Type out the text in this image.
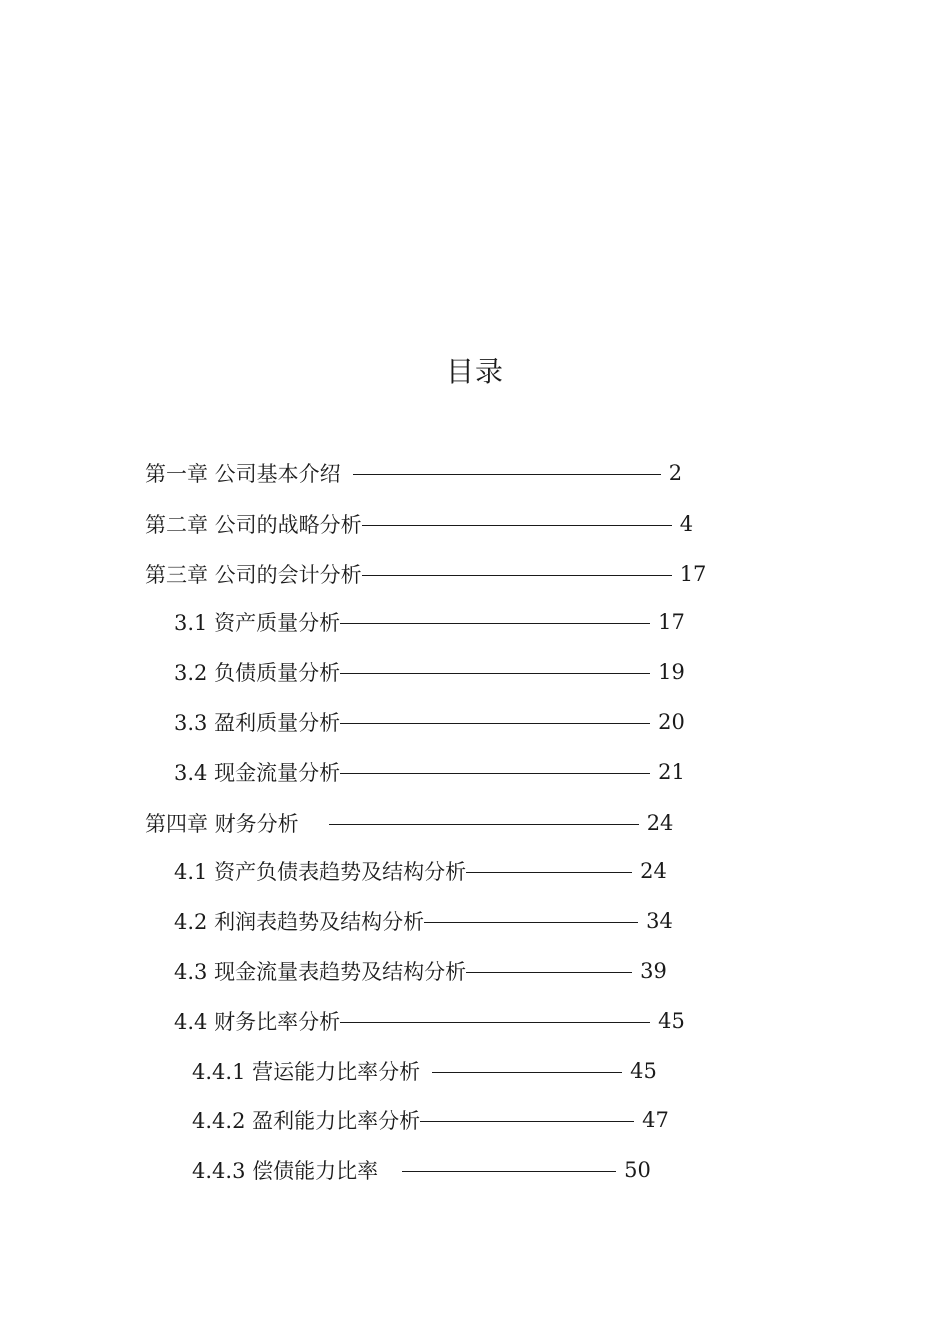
目录
第一章 公司基本介绍	2
第二章 公司的战略分析	4
第三章 公司的会计分析	17
3.1 资产质量分析	17
3.2 负债质量分析	19
3.3 盈利质量分析	20
3.4 现金流量分析	21
第四章 财务分析	24
4.1 资产负债表趋势及结构分析	24
4.2 利润表趋势及结构分析	34
4.3 现金流量表趋势及结构分析	39
4.4 财务比率分析	45
4.4.1 营运能力比率分析	45
4.4.2 盈利能力比率分析	47
4.4.3 偿债能力比率	50
